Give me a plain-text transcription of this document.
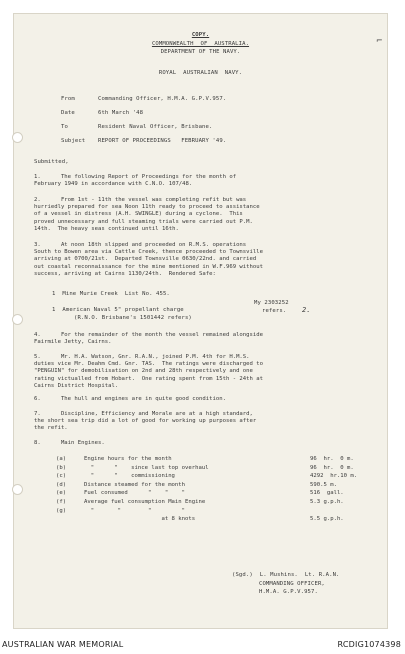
⌐
COPY.
COMMONWEALTH  OF  AUSTRALIA.
DEPARTMENT OF THE NAVY.
ROYAL  AUSTRALIAN  NAVY.
From	Commanding Officer, H.M.A. G.P.V.957.
Date	6th March '48
To	Resident Naval Officer, Brisbane.
Subject REPORT OF PROCEEDINGS   FEBRUARY '49.
Submitted,
1.      The following Report of Proceedings for the month of
February 1949 in accordance with C.N.O. 107/48.
2.      From 1st - 11th the vessel was completing refit but was
hurriedly prepared for sea Noon 11th ready to proceed to assistance
of a vessel in distress (A.H. SWINGLE) during a cyclone.  This
proved unnecessary and full steaming trials were carried out P.M.
14th.  The heavy seas continued until 16th.
3.      At noon 18th slipped and proceeded on R.M.S. operations
South to Bowen area via Cattle Creek, thence proceeded to Townsville
arriving at 0700/21st.  Departed Townsville 0630/22nd. and carried
out coastal reconnaissance for the mine mentioned in W.F.969 without
success, arriving at Cairns 1130/24th.  Rendered Safe:
1  Mine Murie Creek  List No. 455.
1  American Naval 5" propellant charge
(R.N.O. Brisbane's 1501442 refers)
My 2303252
refers. 2.
4.      For the remainder of the month the vessel remained alongside
Fairmile Jetty, Cairns.
5.      Mr. H.A. Watson, Gnr. R.A.N., joined P.M. 4th for H.M.S.
duties vice Mr. Deahm Cmd. Gnr. TAS.  The ratings were discharged to
"PENGUIN" for demobilisation on 2nd and 28th respectively and one
rating victualled from Hobart.  One rating spent from 15th - 24th at
Cairns District Hospital.
6.      The hull and engines are in quite good condition.
7.      Discipline, Efficiency and Morale are at a high standard,
the short sea trip did a lot of good for working up purposes after
the refit.
8.      Main Engines.
(a)	Engine hours for the month	96  hr.  0 m.
(b)	"      "    since last top overhaul	96  hr.  0 m.
(c)	"      "    commissioning	4292  hr.10 m.
(d)	Distance steamed for the month	590.5 m.
(e)	Fuel consumed      "    "    "	516  gall.
(f)	Average fuel consumption Main Engine	5.3 g.p.h.
(g)	"       "        "         "
at 8 knots	5.5 g.p.h.
(Sgd.)  L. Mushins.  Lt. R.A.N.
COMMANDING OFFICER,
H.M.A. G.P.V.957.
AUSTRALIAN WAR MEMORIAL	RCDIG1074398
